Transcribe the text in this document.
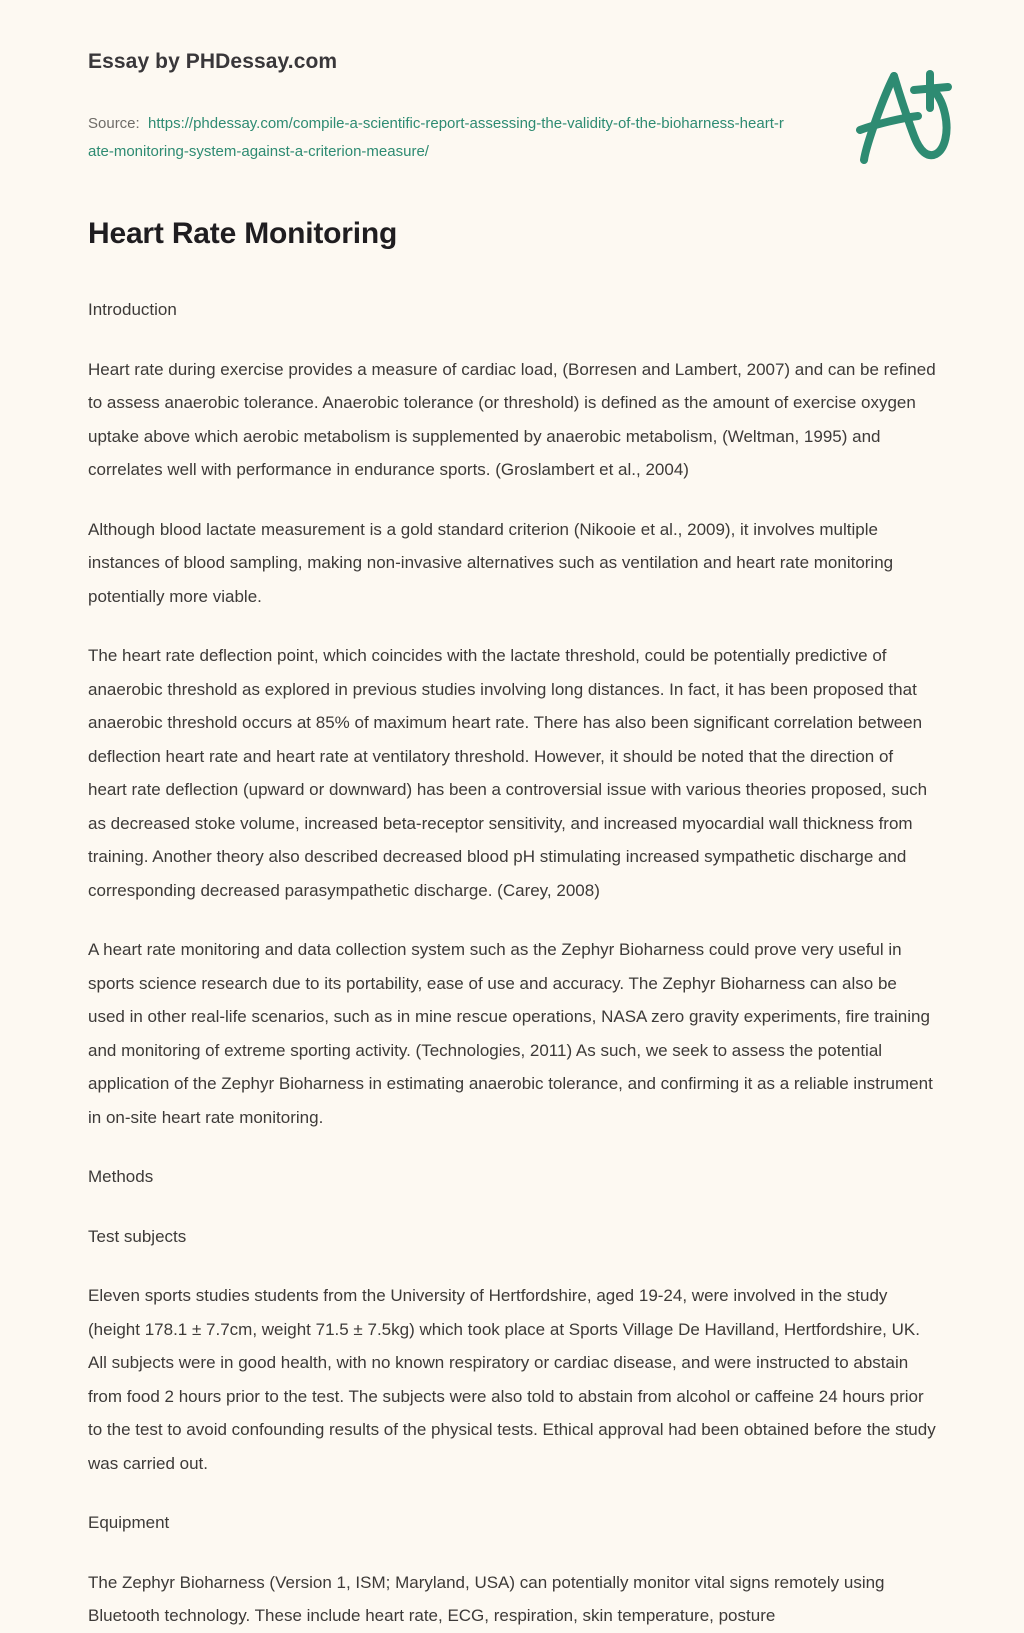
Essay by PHDessay.com
Source: https://phdessay.com/compile-a-scientific-report-assessing-the-validity-of-the-bioharness-heart-rate-monitoring-system-against-a-criterion-measure/
Heart Rate Monitoring

Introduction

Heart rate during exercise provides a measure of cardiac load, (Borresen and Lambert, 2007) and can be refined to assess anaerobic tolerance. Anaerobic tolerance (or threshold) is defined as the amount of exercise oxygen uptake above which aerobic metabolism is supplemented by anaerobic metabolism, (Weltman, 1995) and correlates well with performance in endurance sports. (Groslambert et al., 2004)

Although blood lactate measurement is a gold standard criterion (Nikooie et al., 2009), it involves multiple instances of blood sampling, making non-invasive alternatives such as ventilation and heart rate monitoring potentially more viable.

The heart rate deflection point, which coincides with the lactate threshold, could be potentially predictive of anaerobic threshold as explored in previous studies involving long distances. In fact, it has been proposed that anaerobic threshold occurs at 85% of maximum heart rate. There has also been significant correlation between deflection heart rate and heart rate at ventilatory threshold. However, it should be noted that the direction of heart rate deflection (upward or downward) has been a controversial issue with various theories proposed, such as decreased stoke volume, increased beta-receptor sensitivity, and increased myocardial wall thickness from training. Another theory also described decreased blood pH stimulating increased sympathetic discharge and corresponding decreased parasympathetic discharge. (Carey, 2008)

A heart rate monitoring and data collection system such as the Zephyr Bioharness could prove very useful in sports science research due to its portability, ease of use and accuracy. The Zephyr Bioharness can also be used in other real-life scenarios, such as in mine rescue operations, NASA zero gravity experiments, fire training and monitoring of extreme sporting activity. (Technologies, 2011) As such, we seek to assess the potential application of the Zephyr Bioharness in estimating anaerobic tolerance, and confirming it as a reliable instrument in on-site heart rate monitoring.

Methods

Test subjects

Eleven sports studies students from the University of Hertfordshire, aged 19-24, were involved in the study (height 178.1 ± 7.7cm, weight 71.5 ± 7.5kg) which took place at Sports Village De Havilland, Hertfordshire, UK. All subjects were in good health, with no known respiratory or cardiac disease, and were instructed to abstain from food 2 hours prior to the test. The subjects were also told to abstain from alcohol or caffeine 24 hours prior to the test to avoid confounding results of the physical tests. Ethical approval had been obtained before the study was carried out.

Equipment

The Zephyr Bioharness (Version 1, ISM; Maryland, USA) can potentially monitor vital signs remotely using Bluetooth technology. These include heart rate, ECG, respiration, skin temperature, posture
